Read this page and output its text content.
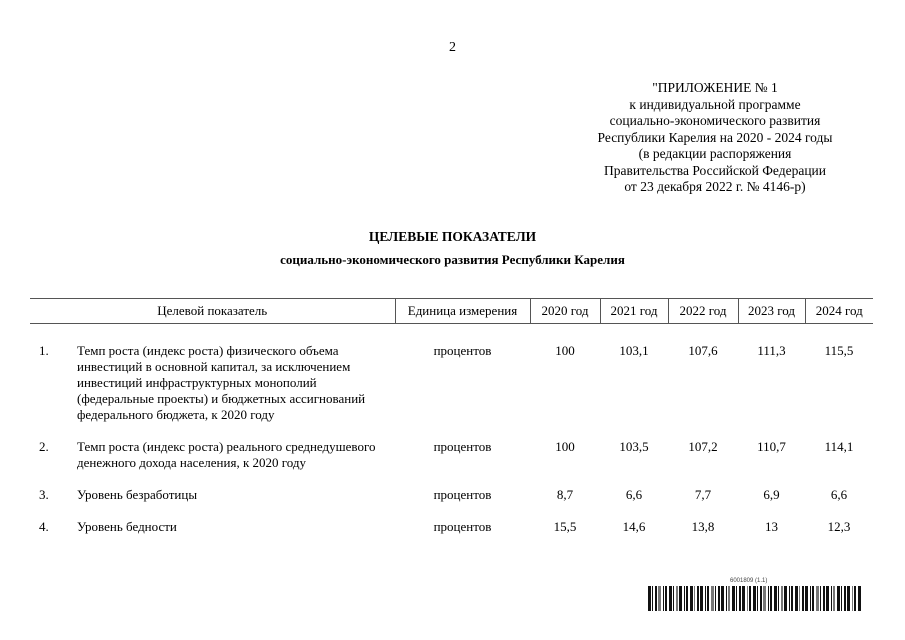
2
"ПРИЛОЖЕНИЕ № 1
к индивидуальной программе
социально-экономического развития
Республики Карелия на 2020 - 2024 годы
(в редакции распоряжения
Правительства Российской Федерации
от 23 декабря 2022 г. № 4146-р)
ЦЕЛЕВЫЕ ПОКАЗАТЕЛИ
социально-экономического развития Республики Карелия
Целевой показатель	Единица измерения	2020 год	2021 год	2022 год	2023 год	2024 год
1. Темп роста (индекс роста) физического объема инвестиций в основной капитал, за исключением инвестиций инфраструктурных монополий (федеральные проекты) и бюджетных ассигнований федерального бюджета, к 2020 году	процентов	100	103,1	107,6	111,3	115,5
2. Темп роста (индекс роста) реального среднедушевого денежного дохода населения, к 2020 году	процентов	100	103,5	107,2	110,7	114,1
3. Уровень безработицы	процентов	8,7	6,6	7,7	6,9	6,6
4. Уровень бедности	процентов	15,5	14,6	13,8	13	12,3
6001809 (1.1)
